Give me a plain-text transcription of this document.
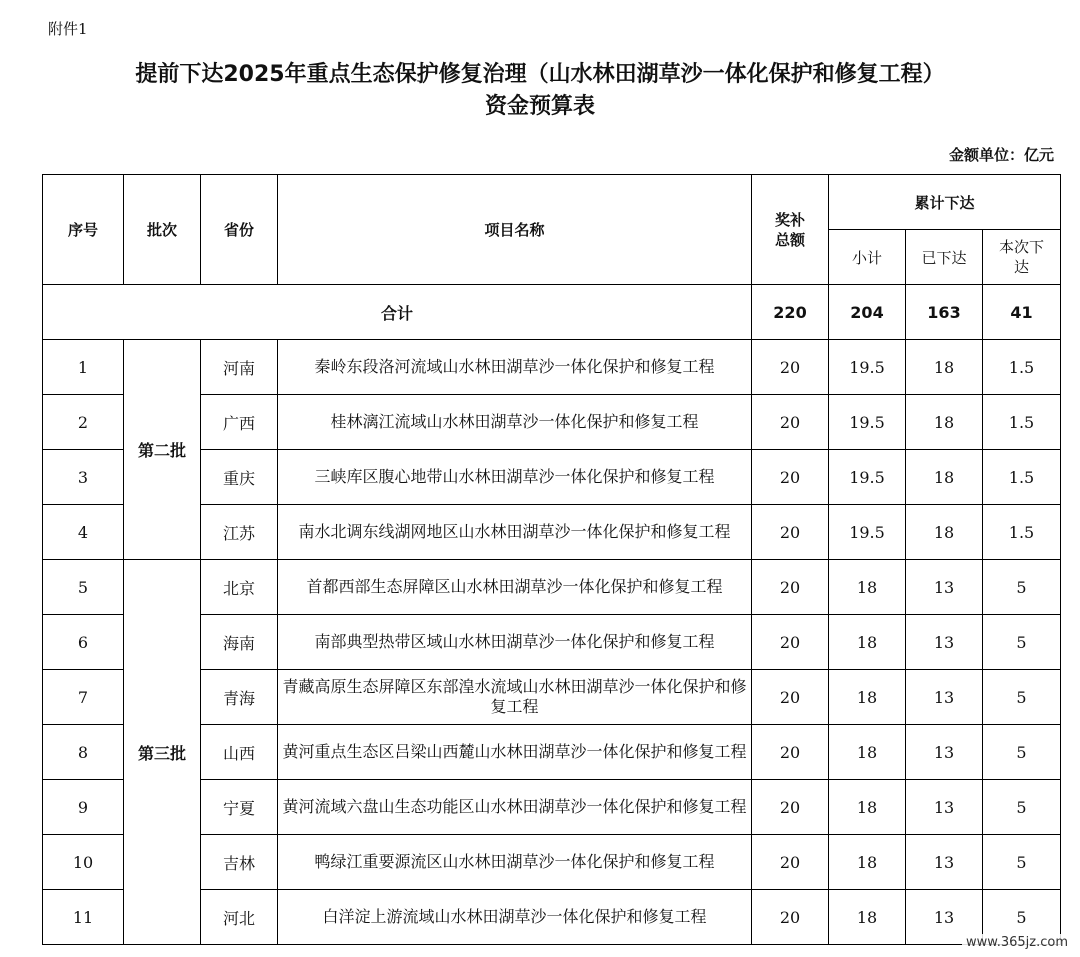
附件1
提前下达2025年重点生态保护修复治理（山水林田湖草沙一体化保护和修复工程）
资金预算表
金额单位：亿元
序号	批次	省份	项目名称	奖补总额	累计下达		
					小计	已下达	本次下达
合计				220	204	163	41
1	第二批	河南	秦岭东段洛河流域山水林田湖草沙一体化保护和修复工程	20	19.5	18	1.5
2		广西	桂林漓江流域山水林田湖草沙一体化保护和修复工程	20	19.5	18	1.5
3		重庆	三峡库区腹心地带山水林田湖草沙一体化保护和修复工程	20	19.5	18	1.5
4		江苏	南水北调东线湖网地区山水林田湖草沙一体化保护和修复工程	20	19.5	18	1.5
5	第三批	北京	首都西部生态屏障区山水林田湖草沙一体化保护和修复工程	20	18	13	5
6		海南	南部典型热带区域山水林田湖草沙一体化保护和修复工程	20	18	13	5
7		青海	青藏高原生态屏障区东部湟水流域山水林田湖草沙一体化保护和修复工程	20	18	13	5
8		山西	黄河重点生态区吕梁山西麓山水林田湖草沙一体化保护和修复工程	20	18	13	5
9		宁夏	黄河流域六盘山生态功能区山水林田湖草沙一体化保护和修复工程	20	18	13	5
10		吉林	鸭绿江重要源流区山水林田湖草沙一体化保护和修复工程	20	18	13	5
11		河北	白洋淀上游流域山水林田湖草沙一体化保护和修复工程	20	18	13	5
www.365jz.com
